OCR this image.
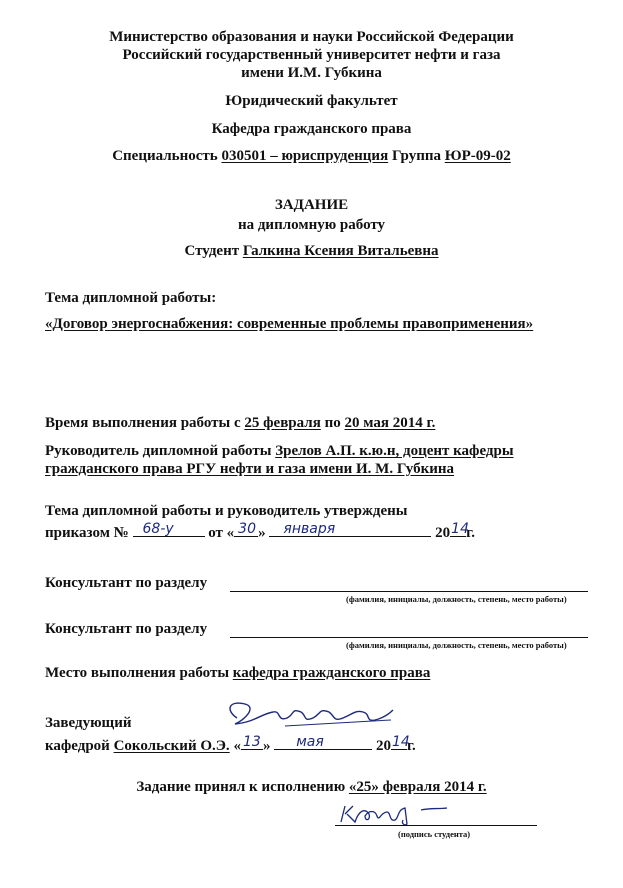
Министерство образования и науки Российской Федерации
Российский государственный университет нефти и газа
имени И.М. Губкина
Юридический факультет
Кафедра гражданского права
Специальность 030501 – юриспруденция Группа ЮР-09-02
ЗАДАНИЕ
на дипломную работу
Студент Галкина Ксения Витальевна
Тема дипломной работы:
«Договор энергоснабжения: современные проблемы правоприменения»
Время выполнения работы с 25 февраля по 20 мая 2014 г.
Руководитель дипломной работы Зрелов А.П. к.ю.н, доцент кафедры
гражданского права РГУ нефти и газа имени И. М. Губкина
Тема дипломной работы и руководитель утверждены
приказом № 68-у от « 30 » января	20 14
г.
Консультант по разделу
(фамилия, инициалы, должность, степень, место работы)
Консультант по разделу
(фамилия, инициалы, должность, степень, место работы)
Место выполнения работы кафедра гражданского права
Заведующий
кафедрой Сокольский О.Э. « 13 » мая	20 14
г.
Задание принял к исполнению «25» февраля 2014 г.
(подпись студента)
